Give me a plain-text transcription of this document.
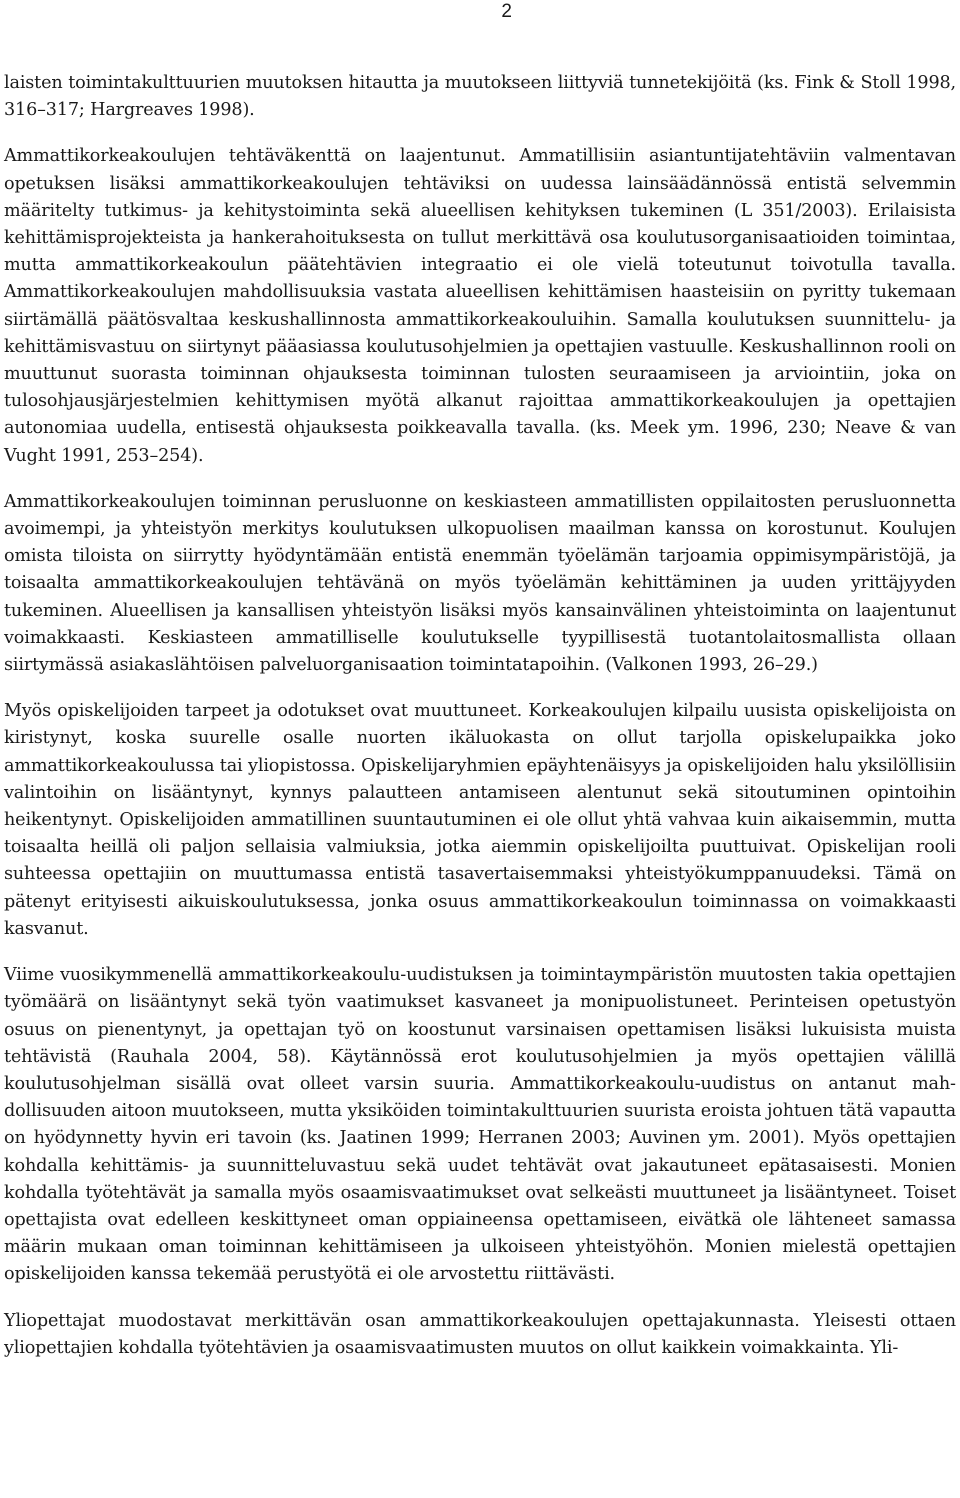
2

laisten toimintakulttuurien muutoksen hitautta ja muutokseen liittyviä tunnetekijöitä (ks. Fink & Stoll 1998, 316–317; Hargreaves 1998).

Ammattikorkeakoulujen tehtäväkenttä on laajentunut. Ammatillisiin asiantuntijatehtäviin valmentavan opetuksen lisäksi ammattikorkeakoulujen tehtäviksi on uudessa lainsäädännössä entistä selvemmin määritelty tutkimus- ja kehitystoiminta sekä alueellisen kehityksen tukeminen (L 351/2003). Erilaisista kehittämisprojekteista ja hankerahoituksesta on tullut merkittävä osa koulutusorganisaatioiden toimintaa, mutta ammattikorkeakoulun päätehtävien integraatio ei ole vielä toteutunut toivotulla tavalla. Ammattikorkeakoulujen mahdollisuuksia vastata alueellisen kehittämisen haasteisiin on pyritty tukemaan siirtämällä päätösvaltaa keskushallinnosta ammattikorkeakouluihin. Samalla koulutuksen suunnittelu- ja kehittämisvastuu on siirtynyt pääasiassa koulutusohjelmien ja opettajien vastuulle. Keskushallinnon rooli on muuttunut suorasta toiminnan ohjauksesta toiminnan tulosten seuraamiseen ja arviointiin, joka on tulosohjausjärjestelmien kehittymisen myötä alkanut rajoittaa ammattikorkeakoulujen ja opettajien autonomiaa uudella, entisestä ohjauksesta poikkeavalla tavalla. (ks. Meek ym. 1996, 230; Neave & van Vught 1991, 253–254).

Ammattikorkeakoulujen toiminnan perusluonne on keskiasteen ammatillisten oppilaitosten perusluonnetta avoimempi, ja yhteistyön merkitys koulutuksen ulkopuolisen maailman kanssa on korostunut. Koulujen omista tiloista on siirrytty hyödyntämään entistä enemmän työelämän tarjoamia oppimisympäristöjä, ja toisaalta ammattikorkeakoulujen tehtävänä on myös työelämän kehittäminen ja uuden yrittäjyyden tukeminen. Alueellisen ja kansallisen yhteistyön lisäksi myös kansainvälinen yhteistoiminta on laajentunut voimakkaasti. Keskiasteen ammatilliselle koulutukselle tyypillisestä tuotantolaitosmallista ollaan siirtymässä asiakaslähtöisen palveluorganisaation toimintatapoihin. (Valkonen 1993, 26–29.)

Myös opiskelijoiden tarpeet ja odotukset ovat muuttuneet. Korkeakoulujen kilpailu uusista opiskelijoista on kiristynyt, koska suurelle osalle nuorten ikäluokasta on ollut tarjolla opiskelupaikka joko ammattikorkeakoulussa tai yliopistossa. Opiskelijaryhmien epäyhtenäisyys ja opiskelijoiden halu yksilöllisiin valintoihin on lisääntynyt, kynnys palautteen antamiseen alentunut sekä sitoutuminen opintoihin heikentynyt. Opiskelijoiden ammatillinen suuntautuminen ei ole ollut yhtä vahvaa kuin aikaisemmin, mutta toisaalta heillä oli paljon sellaisia valmiuksia, jotka aiemmin opiskelijoilta puuttuivat. Opiskelijan rooli suhteessa opettajiin on muuttumassa entistä tasavertaisemmaksi yhteistyökumppanuudeksi. Tämä on pätenyt erityisesti aikuiskoulutuksessa, jonka osuus ammattikorkeakoulun toiminnassa on voimakkaasti kasvanut.

Viime vuosikymmenellä ammattikorkeakoulu-uudistuksen ja toimintaympäristön muutosten takia opettajien työmäärä on lisääntynyt sekä työn vaatimukset kasvaneet ja monipuolistuneet. Perinteisen opetustyön osuus on pienentynyt, ja opettajan työ on koostunut varsinaisen opettamisen lisäksi lukuisista muista tehtävistä (Rauhala 2004, 58). Käytännössä erot koulutusohjelmien ja myös opettajien välillä koulutusohjelman sisällä ovat olleet varsin suuria. Ammattikorkeakoulu-uudistus on antanut mahdollisuuden aitoon muutokseen, mutta yksiköiden toimintakulttuurien suurista eroista johtuen tätä vapautta on hyödynnetty hyvin eri tavoin (ks. Jaatinen 1999; Herranen 2003; Auvinen ym. 2001). Myös opettajien kohdalla kehittämis- ja suunnitteluvastuu sekä uudet tehtävät ovat jakautuneet epätasaisesti. Monien kohdalla työtehtävät ja samalla myös osaamisvaatimukset ovat selkeästi muuttuneet ja lisääntyneet. Toiset opettajista ovat edelleen keskittyneet oman oppiaineensa opettamiseen, eivätkä ole lähteneet samassa määrin mukaan oman toiminnan kehittämiseen ja ulkoiseen yhteistyöhön. Monien mielestä opettajien opiskelijoiden kanssa tekemää perustyötä ei ole arvostettu riittävästi.

Yliopettajat muodostavat merkittävän osan ammattikorkeakoulujen opettajakunnasta. Yleisesti ottaen yliopettajien kohdalla työtehtävien ja osaamisvaatimusten muutos on ollut kaikkein voimakkainta. Yli-
